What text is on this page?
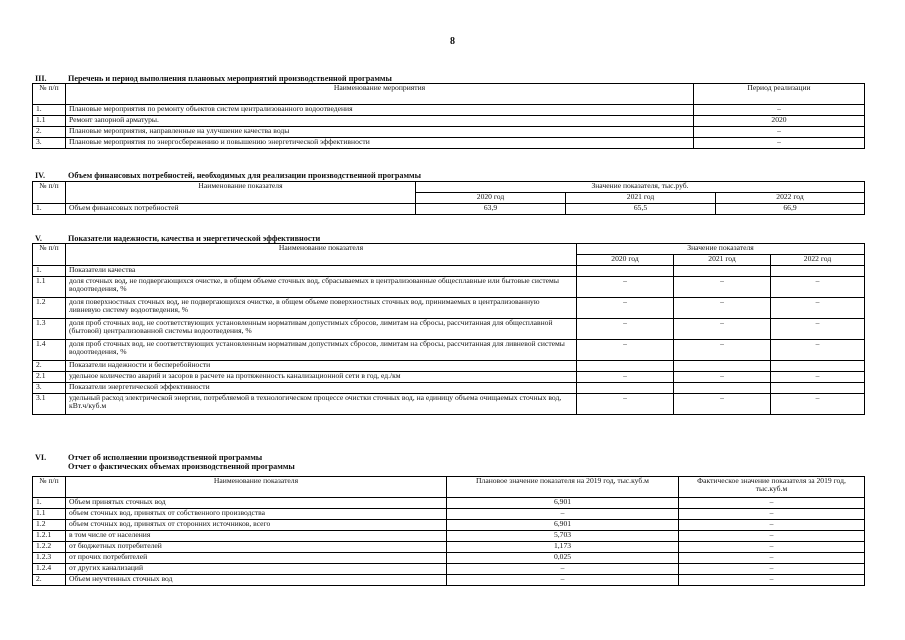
8
III.	Перечень и период выполнения плановых мероприятий производственной программы
№ п/п	Наименование мероприятия	Период реализации
1.	Плановые мероприятия по ремонту объектов систем централизованного водоотведения	–
1.1	Ремонт запорной арматуры.	2020
2.	Плановые мероприятия, направленные на улучшение качества воды	–
3.	Плановые мероприятия по энергосбережению и повышению энергетической эффективности	–
IV.	Объем финансовых потребностей, необходимых для реализации производственной программы
№ п/п	Наименование показателя	Значение показателя, тыс.руб.		
		2020 год	2021 год	2022 год
1.	Объем финансовых потребностей	63,9	65,5	66,9
V.	Показатели надежности, качества и энергетической эффективности
№ п/п	Наименование показателя	Значение показателя		
		2020 год	2021 год	2022 год
1.	Показатели качества			
1.1	доля сточных вод, не подвергающихся очистке, в общем объеме сточных вод, сбрасываемых в централизованные общесплавные или бытовые системы водоотведения, %	–	–	–
1.2	доля поверхностных сточных вод, не подвергающихся очистке, в общем объеме поверхностных сточных вод, принимаемых в централизованную ливневую систему водоотведения, %	–	–	–
1.3	доля проб сточных вод, не соответствующих установленным нормативам допустимых сбросов, лимитам на сбросы, рассчитанная для общесплавной (бытовой) централизованной системы водоотведения, %	–	–	–
1.4	доля проб сточных вод, не соответствующих установленным нормативам допустимых сбросов, лимитам на сбросы, рассчитанная для ливневой системы водоотведения, %	–	–	–
2.	Показатели надежности и бесперебойности			
2.1	удельное количество аварий и засоров в расчете на протяженность канализационной сети в год, ед./км	–	–	–
3.	Показатели энергетической эффективности			
3.1	удельный расход электрической энергии, потребляемой в технологическом процессе очистки сточных вод, на единицу объема очищаемых сточных вод, кВт.ч/куб.м	–	–	–
VI.	Отчет об исполнении производственной программы
Отчет о фактических объемах производственной программы
№ п/п	Наименование показателя	Плановое значение показателя на 2019 год, тыс.куб.м	Фактическое значение показателя за 2019 год, тыс.куб.м
1.	Объем принятых сточных вод	6,901	–
1.1	объем сточных вод, принятых от собственного производства	–	–
1.2	объем сточных вод, принятых от сторонних источников, всего	6,901	–
1.2.1	в том числе от населения	5,703	–
1.2.2	от бюджетных потребителей	1,173	–
1.2.3	от прочих потребителей	0,025	–
1.2.4	от других канализаций	–	–
2.	Объем неучтенных сточных вод	–	–
